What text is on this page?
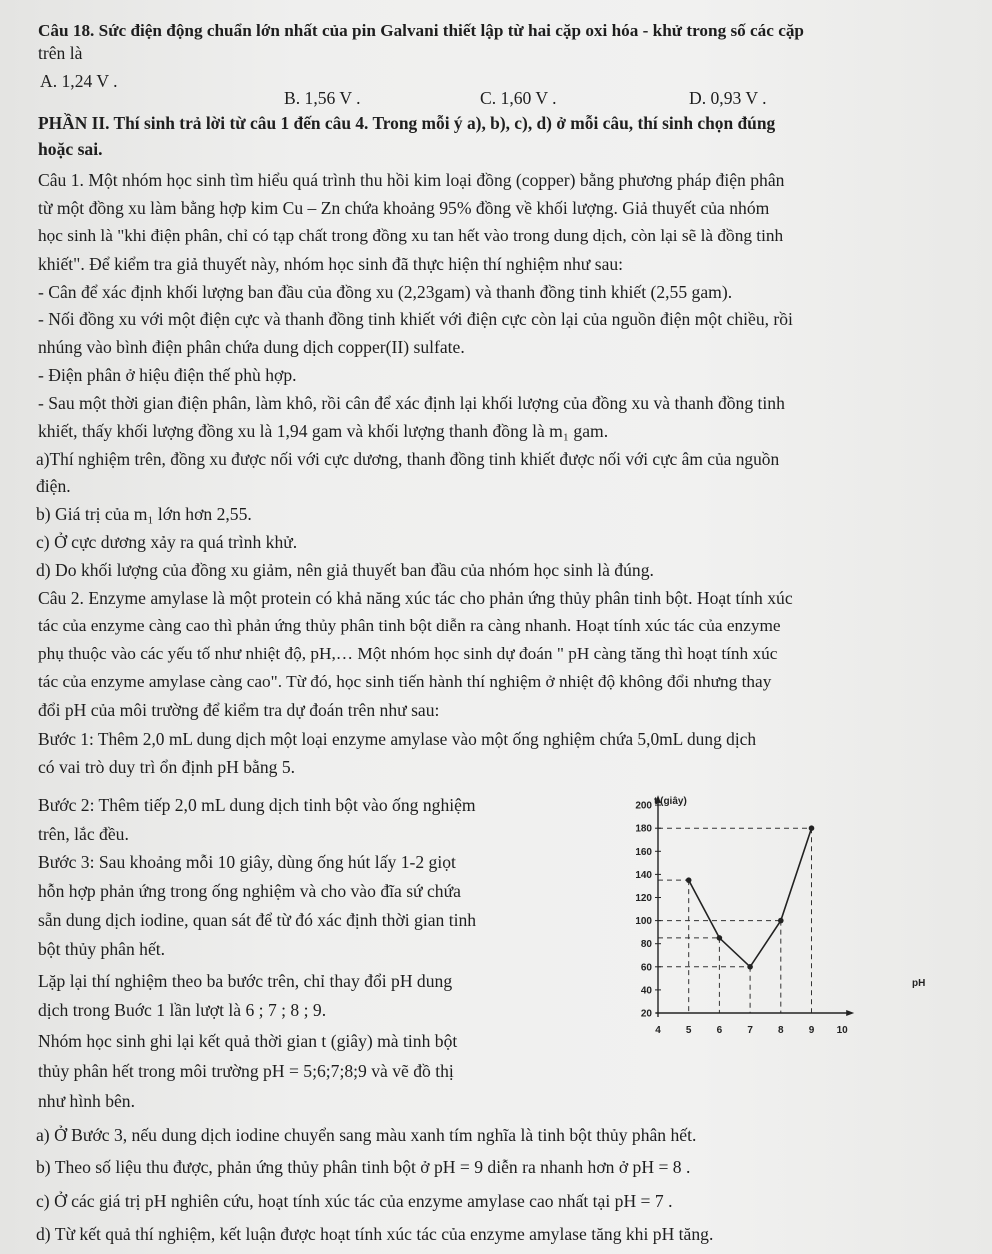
Câu 18. Sức điện động chuẩn lớn nhất của pin Galvani thiết lập từ hai cặp oxi hóa - khử trong số các cặp
trên là
A. 1,24 V .
B. 1,56 V .	C. 1,60 V .	D. 0,93 V .
PHẦN II. Thí sinh trả lời từ câu 1 đến câu 4. Trong mỗi ý a), b), c), d) ở mỗi câu, thí sinh chọn đúng
hoặc sai.
Câu 1. Một nhóm học sinh tìm hiểu quá trình thu hồi kim loại đồng (copper) bằng phương pháp điện phân
từ một đồng xu làm bằng hợp kim Cu – Zn chứa khoảng 95% đồng về khối lượng. Giả thuyết của nhóm
học sinh là "khi điện phân, chỉ có tạp chất trong đồng xu tan hết vào trong dung dịch, còn lại sẽ là đồng tinh
khiết". Để kiểm tra giả thuyết này, nhóm học sinh đã thực hiện thí nghiệm như sau:
- Cân để xác định khối lượng ban đầu của đồng xu (2,23gam) và thanh đồng tinh khiết (2,55 gam).
- Nối đồng xu với một điện cực và thanh đồng tinh khiết với điện cực còn lại của nguồn điện một chiều, rồi
nhúng vào bình điện phân chứa dung dịch copper(II) sulfate.
- Điện phân ở hiệu điện thế phù hợp.
- Sau một thời gian điện phân, làm khô, rồi cân để xác định lại khối lượng của đồng xu và thanh đồng tinh
khiết, thấy khối lượng đồng xu là 1,94 gam và khối lượng thanh đồng là m₁ gam.
a)Thí nghiệm trên, đồng xu được nối với cực dương, thanh đồng tinh khiết được nối với cực âm của nguồn
điện.
b) Giá trị của m₁ lớn hơn 2,55.
c) Ở cực dương xảy ra quá trình khử.
d) Do khối lượng của đồng xu giảm, nên giả thuyết ban đầu của nhóm học sinh là đúng.
Câu 2. Enzyme amylase là một protein có khả năng xúc tác cho phản ứng thủy phân tinh bột. Hoạt tính xúc
tác của enzyme càng cao thì phản ứng thủy phân tinh bột diễn ra càng nhanh. Hoạt tính xúc tác của enzyme
phụ thuộc vào các yếu tố như nhiệt độ, pH,… Một nhóm học sinh dự đoán " pH càng tăng thì hoạt tính xúc
tác của enzyme amylase càng cao". Từ đó, học sinh tiến hành thí nghiệm ở nhiệt độ không đổi nhưng thay
đổi pH của môi trường để kiểm tra dự đoán trên như sau:
Bước 1: Thêm 2,0 mL dung dịch một loại enzyme amylase vào một ống nghiệm chứa 5,0mL dung dịch
có vai trò duy trì ổn định pH bằng 5.
Bước 2: Thêm tiếp 2,0 mL dung dịch tinh bột vào ống nghiệm
trên, lắc đều.
Bước 3: Sau khoảng mỗi 10 giây, dùng ống hút lấy 1-2 giọt
hỗn hợp phản ứng trong ống nghiệm và cho vào đĩa sứ chứa
sẵn dung dịch iodine, quan sát để từ đó xác định thời gian tinh
bột thủy phân hết.
Lặp lại thí nghiệm theo ba bước trên, chỉ thay đổi pH dung
dịch trong Buớc 1 lần lượt là 6 ; 7 ; 8 ; 9.
Nhóm học sinh ghi lại kết quả thời gian t (giây) mà tinh bột
thủy phân hết trong môi trường pH = 5;6;7;8;9 và vẽ đồ thị
như hình bên.
a) Ở Bước 3, nếu dung dịch iodine chuyển sang màu xanh tím nghĩa là tinh bột thủy phân hết.
b) Theo số liệu thu được, phản ứng thủy phân tinh bột ở pH = 9 diễn ra nhanh hơn ở pH = 8 .
c) Ở các giá trị pH nghiên cứu, hoạt tính xúc tác của enzyme amylase cao nhất tại pH = 7 .
d) Từ kết quả thí nghiệm, kết luận được hoạt tính xúc tác của enzyme amylase tăng khi pH tăng.
20
40
60
80
100
120
140
160
180
200
4	5	6	7	8	9 10
t (giây)
pH
